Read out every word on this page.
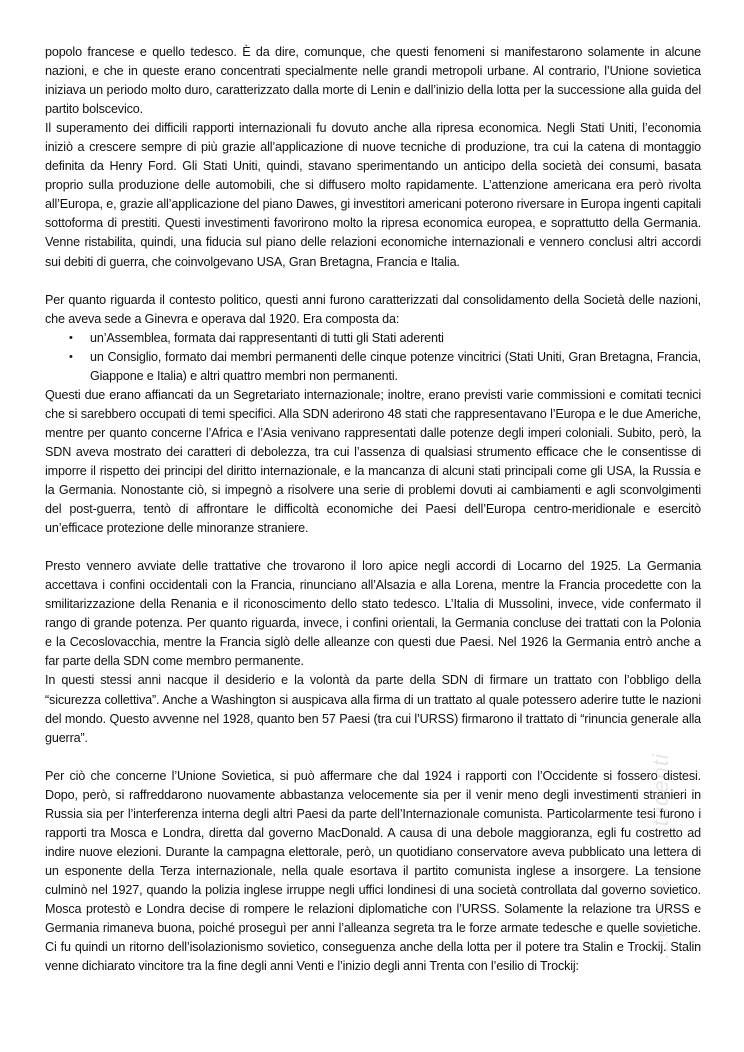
popolo francese e quello tedesco. È da dire, comunque, che questi fenomeni si manifestarono solamente in alcune nazioni, e che in queste erano concentrati specialmente nelle grandi metropoli urbane. Al contrario, l’Unione sovietica iniziava un periodo molto duro, caratterizzato dalla morte di Lenin e dall’inizio della lotta per la successione alla guida del partito bolscevico.

Il superamento dei difficili rapporti internazionali fu dovuto anche alla ripresa economica. Negli Stati Uniti, l’economia iniziò a crescere sempre di più grazie all’applicazione di nuove tecniche di produzione, tra cui la catena di montaggio definita da Henry Ford. Gli Stati Uniti, quindi, stavano sperimentando un anticipo della società dei consumi, basata proprio sulla produzione delle automobili, che si diffusero molto rapidamente. L’attenzione americana era però rivolta all’Europa, e, grazie all’applicazione del piano Dawes, gi investitori americani poterono riversare in Europa ingenti capitali sottoforma di prestiti. Questi investimenti favorirono molto la ripresa economica europea, e soprattutto della Germania. Venne ristabilita, quindi, una fiducia sul piano delle relazioni economiche internazionali e vennero conclusi altri accordi sui debiti di guerra, che coinvolgevano USA, Gran Bretagna, Francia e Italia.

Per quanto riguarda il contesto politico, questi anni furono caratterizzati dal consolidamento della Società delle nazioni, che aveva sede a Ginevra e operava dal 1920. Era composta da:

• un’Assemblea, formata dai rappresentanti di tutti gli Stati aderenti
• un Consiglio, formato dai membri permanenti delle cinque potenze vincitrici (Stati Uniti, Gran Bretagna, Francia, Giappone e Italia) e altri quattro membri non permanenti.

Questi due erano affiancati da un Segretariato internazionale; inoltre, erano previsti varie commissioni e comitati tecnici che si sarebbero occupati di temi specifici. Alla SDN aderirono 48 stati che rappresentavano l’Europa e le due Americhe, mentre per quanto concerne l’Africa e l’Asia venivano rappresentati dalle potenze degli imperi coloniali. Subito, però, la SDN aveva mostrato dei caratteri di debolezza, tra cui l’assenza di qualsiasi strumento efficace che le consentisse di imporre il rispetto dei principi del diritto internazionale, e la mancanza di alcuni stati principali come gli USA, la Russia e la Germania. Nonostante ciò, si impegnò a risolvere una serie di problemi dovuti ai cambiamenti e agli sconvolgimenti del post-guerra, tentò di affrontare le difficoltà economiche dei Paesi dell’Europa centro-meridionale e esercitò un’efficace protezione delle minoranze straniere.

Presto vennero avviate delle trattative che trovarono il loro apice negli accordi di Locarno del 1925. La Germania accettava i confini occidentali con la Francia, rinunciano all’Alsazia e alla Lorena, mentre la Francia procedette con la smilitarizzazione della Renania e il riconoscimento dello stato tedesco. L’Italia di Mussolini, invece, vide confermato il rango di grande potenza. Per quanto riguarda, invece, i confini orientali, la Germania concluse dei trattati con la Polonia e la Cecoslovacchia, mentre la Francia siglò delle alleanze con questi due Paesi. Nel 1926 la Germania entrò anche a far parte della SDN come membro permanente.

In questi stessi anni nacque il desiderio e la volontà da parte della SDN di firmare un trattato con l’obbligo della “sicurezza collettiva”. Anche a Washington si auspicava alla firma di un trattato al quale potessero aderire tutte le nazioni del mondo. Questo avvenne nel 1928, quanto ben 57 Paesi (tra cui l’URSS) firmarono il trattato di “rinuncia generale alla guerra”.

Per ciò che concerne l’Unione Sovietica, si può affermare che dal 1924 i rapporti con l’Occidente si fossero distesi. Dopo, però, si raffreddarono nuovamente abbastanza velocemente sia per il venir meno degli investimenti stranieri in Russia sia per l’interferenza interna degli altri Paesi da parte dell’Internazionale comunista. Particolarmente tesi furono i rapporti tra Mosca e Londra, diretta dal governo MacDonald. A causa di una debole maggioranza, egli fu costretto ad indire nuove elezioni. Durante la campagna elettorale, però, un quotidiano conservatore aveva pubblicato una lettera di un esponente della Terza internazionale, nella quale esortava il partito comunista inglese a insorgere. La tensione culminò nel 1927, quando la polizia inglese irruppe negli uffici londinesi di una società controllata dal governo sovietico. Mosca protestò e Londra decise di rompere le relazioni diplomatiche con l’URSS. Solamente la relazione tra URSS e Germania rimaneva buona, poiché proseguì per anni l’alleanza segreta tra le forze armate tedesche e quelle sovietiche. Ci fu quindi un ritorno dell’isolazionismo sovietico, conseguenza anche della lotta per il potere tra Stalin e Trockij. Stalin venne dichiarato vincitore tra la fine degli anni Venti e l’inizio degli anni Trenta con l’esilio di Trockij:

…ess © … studenti
